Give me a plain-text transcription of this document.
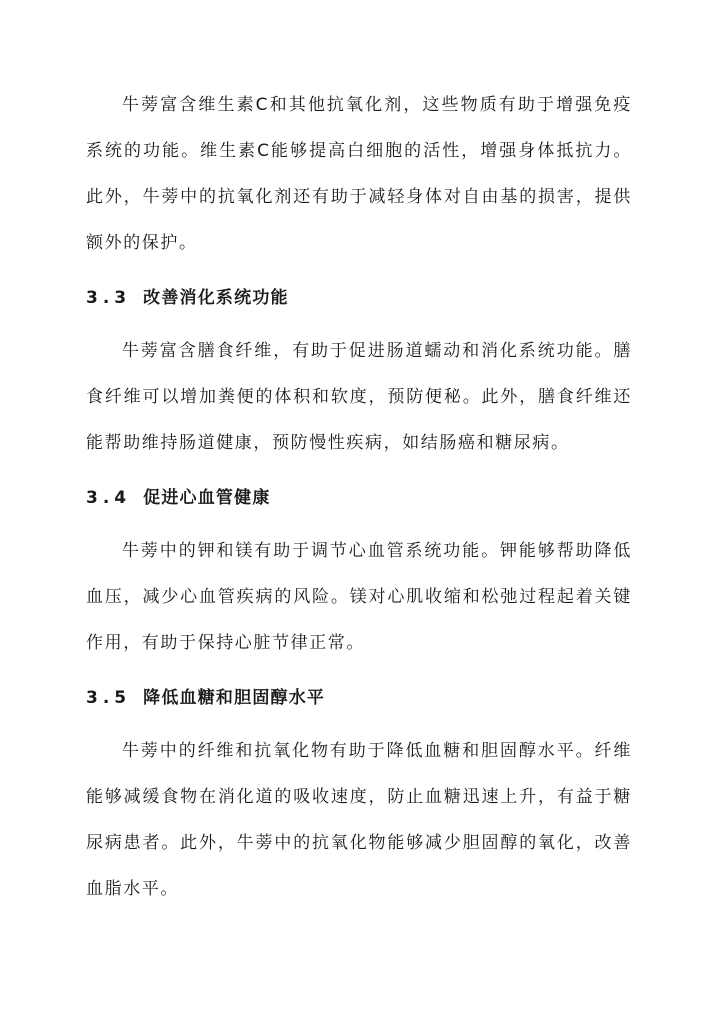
牛蒡富含维生素C和其他抗氧化剂，这些物质有助于增强免疫系统的功能。维生素C能够提高白细胞的活性，增强身体抵抗力。此外，牛蒡中的抗氧化剂还有助于减轻身体对自由基的损害，提供额外的保护。

3.3 改善消化系统功能

牛蒡富含膳食纤维，有助于促进肠道蠕动和消化系统功能。膳食纤维可以增加粪便的体积和软度，预防便秘。此外，膳食纤维还能帮助维持肠道健康，预防慢性疾病，如结肠癌和糖尿病。

3.4 促进心血管健康

牛蒡中的钾和镁有助于调节心血管系统功能。钾能够帮助降低血压，减少心血管疾病的风险。镁对心肌收缩和松弛过程起着关键作用，有助于保持心脏节律正常。

3.5 降低血糖和胆固醇水平

牛蒡中的纤维和抗氧化物有助于降低血糖和胆固醇水平。纤维能够减缓食物在消化道的吸收速度，防止血糖迅速上升，有益于糖尿病患者。此外，牛蒡中的抗氧化物能够减少胆固醇的氧化，改善血脂水平。
